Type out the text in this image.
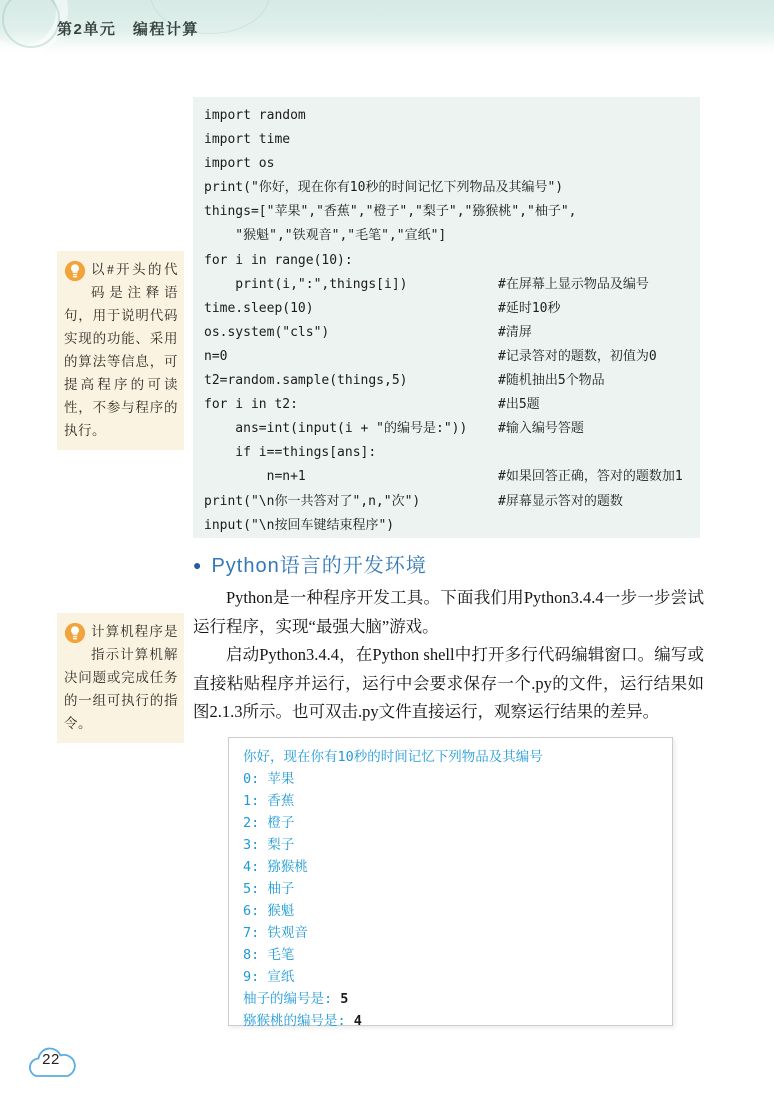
第2单元　编程计算
import random
import time
import os
print("你好，现在你有10秒的时间记忆下列物品及其编号")
things=["苹果","香蕉","橙子","梨子","猕猴桃","柚子",
"猴魁","铁观音","毛笔","宣纸"]
for i in range(10):
print(i,":",things[i])	#在屏幕上显示物品及编号
time.sleep(10)	#延时10秒
os.system("cls")	#清屏
n=0	#记录答对的题数，初值为0
t2=random.sample(things,5)	#随机抽出5个物品
for i in t2:	#出5题
ans=int(input(i + "的编号是:")) #输入编号答题
if i==things[ans]:
n=n+1	#如果回答正确，答对的题数加1
print("\n你一共答对了",n,"次")	#屏幕显示答对的题数
input("\n按回车键结束程序")
以#开头的代码是注释语句，用于说明代码实现的功能、采用的算法等信息，可提高程序的可读性，不参与程序的执行。
计算机程序是指示计算机解决问题或完成任务的一组可执行的指令。
● Python语言的开发环境

Python是一种程序开发工具。下面我们用Python3.4.4一步一步尝试运行程序，实现“最强大脑”游戏。

启动Python3.4.4，在Python shell中打开多行代码编辑窗口。编写或直接粘贴程序并运行，运行中会要求保存一个.py的文件，运行结果如图2.1.3所示。也可双击.py文件直接运行，观察运行结果的差异。

你好，现在你有10秒的时间记忆下列物品及其编号
0: 苹果
1: 香蕉
2: 橙子
3: 梨子
4: 猕猴桃
5: 柚子
6: 猴魁
7: 铁观音
8: 毛笔
9: 宣纸
柚子的编号是: 5
猕猴桃的编号是: 4
22
